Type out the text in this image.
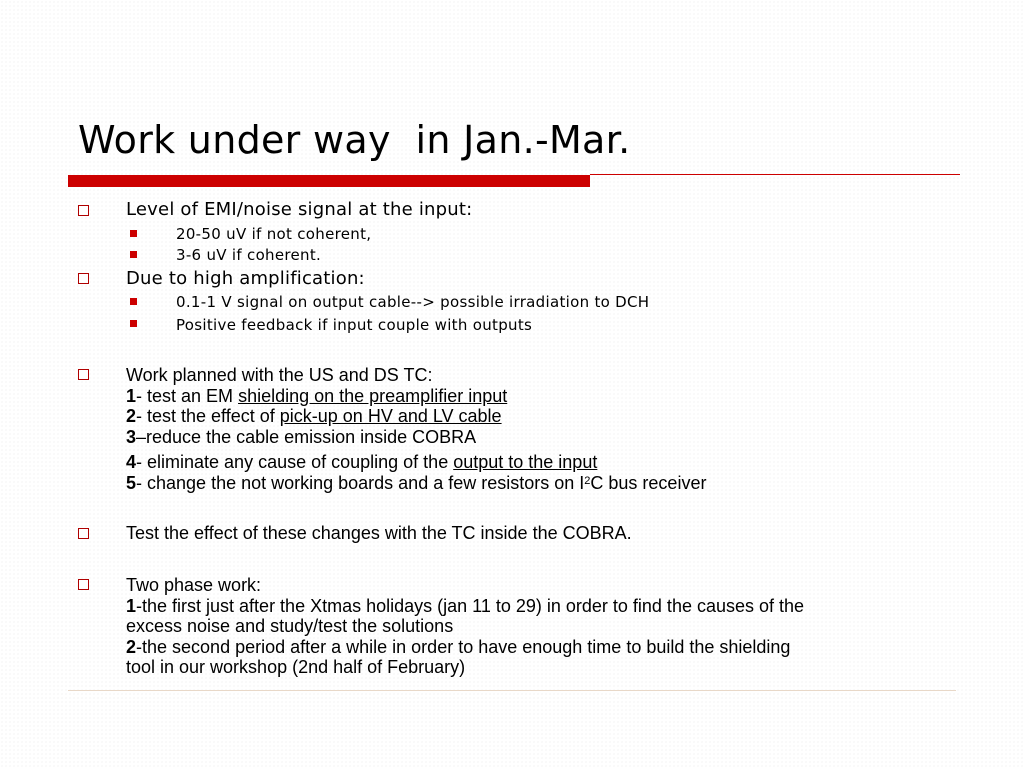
Work under way  in Jan.-Mar.
Level of EMI/noise signal at the input:
20-50 uV if not coherent,
3-6 uV if coherent.
Due to high amplification:
0.1-1 V signal on output cable--> possible irradiation to DCH
Positive feedback if input couple with outputs
Work planned with the US and DS TC:
1- test an EM shielding on the preamplifier input
2- test the effect of pick-up on HV and LV cable
3–reduce the cable emission inside COBRA
4- eliminate any cause of coupling of the output to the input
5- change the not working boards and a few resistors on $I^2C$ bus receiver
Test the effect of these changes with the TC inside the COBRA.
Two phase work:
1-the first just after the Xtmas holidays (jan 11 to 29) in order to find the causes of the
excess noise and study/test the solutions
2-the second period after a while in order to have enough time to build the shielding
tool in our workshop (2nd half of February)
